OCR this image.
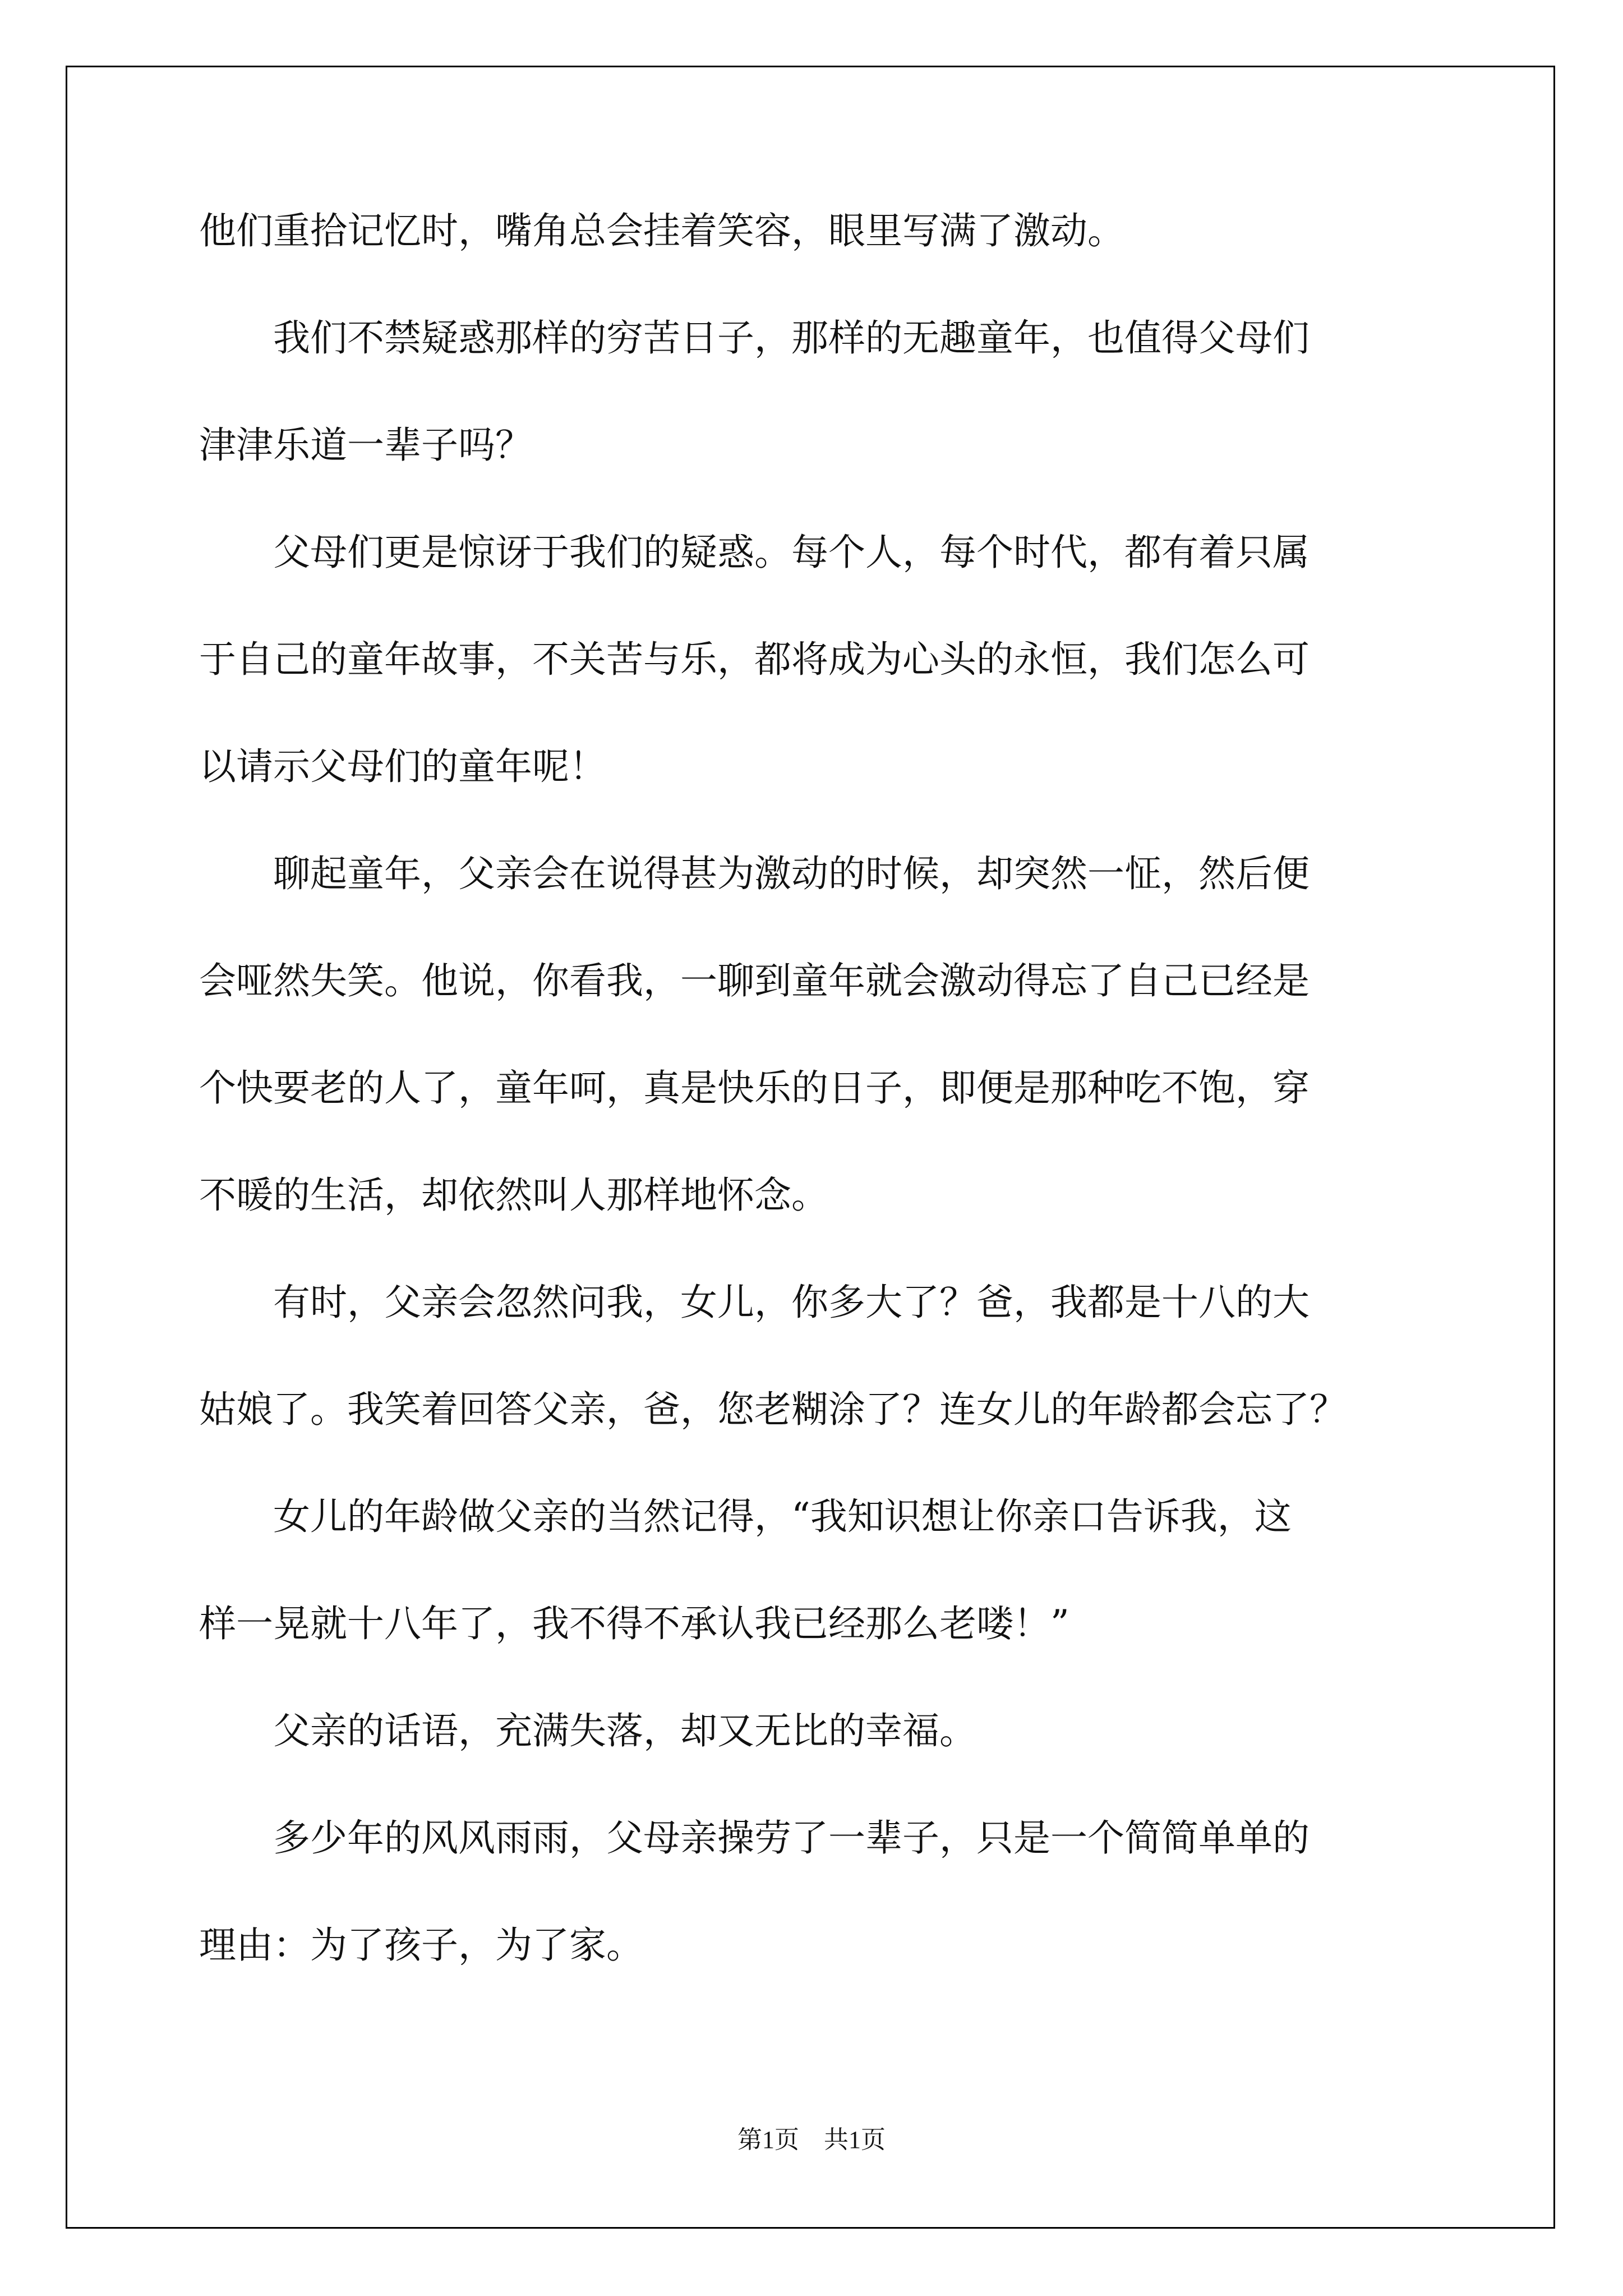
他们重拾记忆时，嘴角总会挂着笑容，眼里写满了激动。
　　我们不禁疑惑那样的穷苦日子，那样的无趣童年，也值得父母们
津津乐道一辈子吗？
　　父母们更是惊讶于我们的疑惑。每个人，每个时代，都有着只属
于自己的童年故事，不关苦与乐，都将成为心头的永恒，我们怎么可
以请示父母们的童年呢！
　　聊起童年，父亲会在说得甚为激动的时候，却突然一怔，然后便
会哑然失笑。他说，你看我，一聊到童年就会激动得忘了自己已经是
个快要老的人了，童年呵，真是快乐的日子，即便是那种吃不饱，穿
不暖的生活，却依然叫人那样地怀念。
　　有时，父亲会忽然问我，女儿，你多大了？爸，我都是十八的大
姑娘了。我笑着回答父亲，爸，您老糊涂了？连女儿的年龄都会忘了？
　　女儿的年龄做父亲的当然记得，“我知识想让你亲口告诉我，这
样一晃就十八年了，我不得不承认我已经那么老喽！”
　　父亲的话语，充满失落，却又无比的幸福。
　　多少年的风风雨雨，父母亲操劳了一辈子，只是一个简简单单的
理由：为了孩子，为了家。
第1页　共1页
